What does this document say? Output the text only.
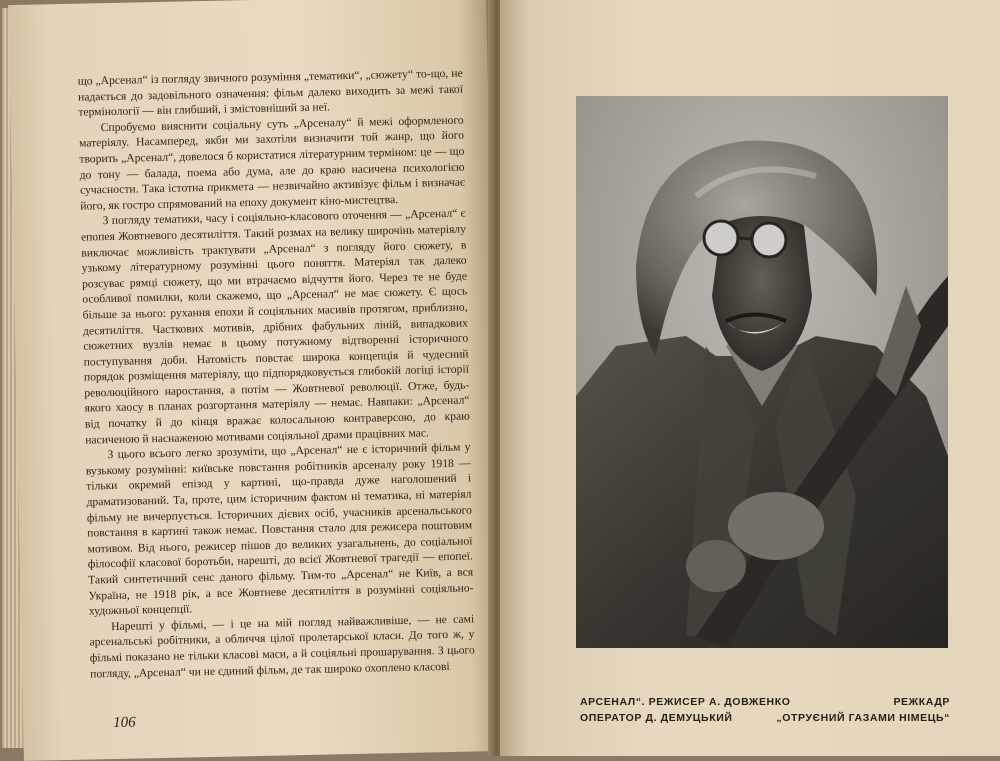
що „Арсенал“ із погляду звичного розуміння „тематики“, „сюжету“ то-що, не надається до задовільного означення: фільм далеко виходить за межі такої термінології — він глибший, і змістовніший за неї.

Спробуємо вияснити соціальну суть „Арсеналу“ й межі оформленого матеріялу. Насамперед, якби ми захотіли визначити той жанр, що його творить „Арсенал“, довелося б користатися літературним терміном: це — що до тону — балада, поема або дума, але до краю насичена психологією сучасности. Така істотна прикмета — незвичайно активізує фільм і визначає його, як гостро спрямований на епоху документ кіно-мистецтва.

З погляду тематики, часу і соціяльно-класового оточення — „Арсенал“ є епопея Жовтневого десятиліття. Такий розмах на велику широчінь матеріялу виключає можливість трактувати „Арсенал“ з погляду його сюжету, в узькому літературному розумінні цього поняття. Матеріял так далеко розсуває рямці сюжету, що ми втрачаємо відчуття його. Через те не буде особливої помилки, коли скажемо, що „Арсенал“ не має сюжету. Є щось більше за нього: рухання епохи й соціяльних масивів протягом, приблизно, десятиліття. Часткових мотивів, дрібних фабульних ліній, випадкових сюжетних вузлів немає в цьому потужному відтворенні історичного поступування доби. Натомість повстає широка концепція й чудесний порядок розміщення матеріялу, що підпорядковується глибокій логіці історії революційного наростання, а потім — Жовтневої революції. Отже, будь-якого хаосу в планах розгортання матеріялу — немає. Навпаки: „Арсенал“ від початку й до кінця вражає колосальною контраверсою, до краю насиченою й наснаженою мотивами соціяльної драми працівних мас.

З цього всього легко зрозуміти, що „Арсенал“ не є історичний фільм у вузькому розумінні: київське повстання робітників арсеналу року 1918 — тільки окремий епізод у картині, що-правда дуже наголошений і драматизований. Та, проте, цим історичним фактом ні тематика, ні матеріял фільму не вичерпується. Історичних дієвих осіб, учасників арсенальського повстання в картині також немає. Повстання стало для режисера поштовим мотивом. Від нього, режисер пішов до великих узагальнень, до соціальної філософії класової боротьби, нарешті, до всієї Жовтневої трагедії — епопеї. Такий синтетичний сенс даного фільму. Тим-то „Арсенал“ не Київ, а вся Україна, не 1918 рік, а все Жовтневе десятиліття в розумінні соціяльно-художньої концепції.

Нарешті у фільмі, — і це на мій погляд найважливіше, — не самі арсенальські робітники, а обличчя цілої пролетарської класи. До того ж, у фільмі показано не тільки класові маси, а й соціяльні прошарування. З цього погляду, „Арсенал“ чи не єдиний фільм, де так широко охоплено класові

106
АРСЕНАЛ“. РЕЖИСЕР А. ДОВЖЕНКО
ОПЕРАТОР Д. ДЕМУЦЬКИЙ
РЕЖКАДР
„ОТРУЄНИЙ ГАЗАМИ НІМЕЦЬ“
